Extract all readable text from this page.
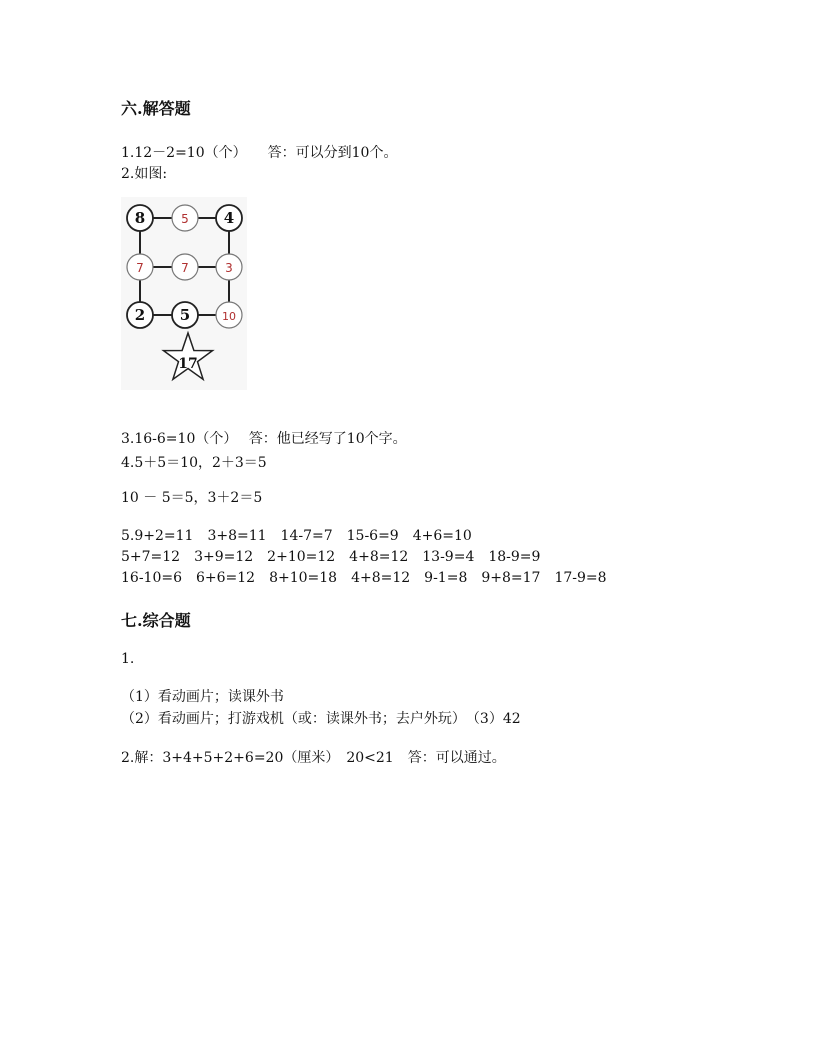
六.解答题
1.12－2=10（个）　　答：可以分到10个。
2.如图:
8	5 4
7	7	3
2 5	10
17
3.16-6=10（个）　 答：他已经写了10个字。
4.5＋5＝10，2＋3＝5
10 － 5＝5，3＋2＝5
5.9+2=11　3+8=11　14-7=7　15-6=9　4+6=10
5+7=12　3+9=12　2+10=12　4+8=12　13-9=4　18-9=9
16-10=6　6+6=12　8+10=18　4+8=12　9-1=8　9+8=17　17-9=8
七.综合题
1.
（1）看动画片；读课外书
（2）看动画片；打游戏机（或：读课外书；去户外玩）　（3）42
2.解：3+4+5+2+6=20（厘米）　20<21　答：可以通过。
